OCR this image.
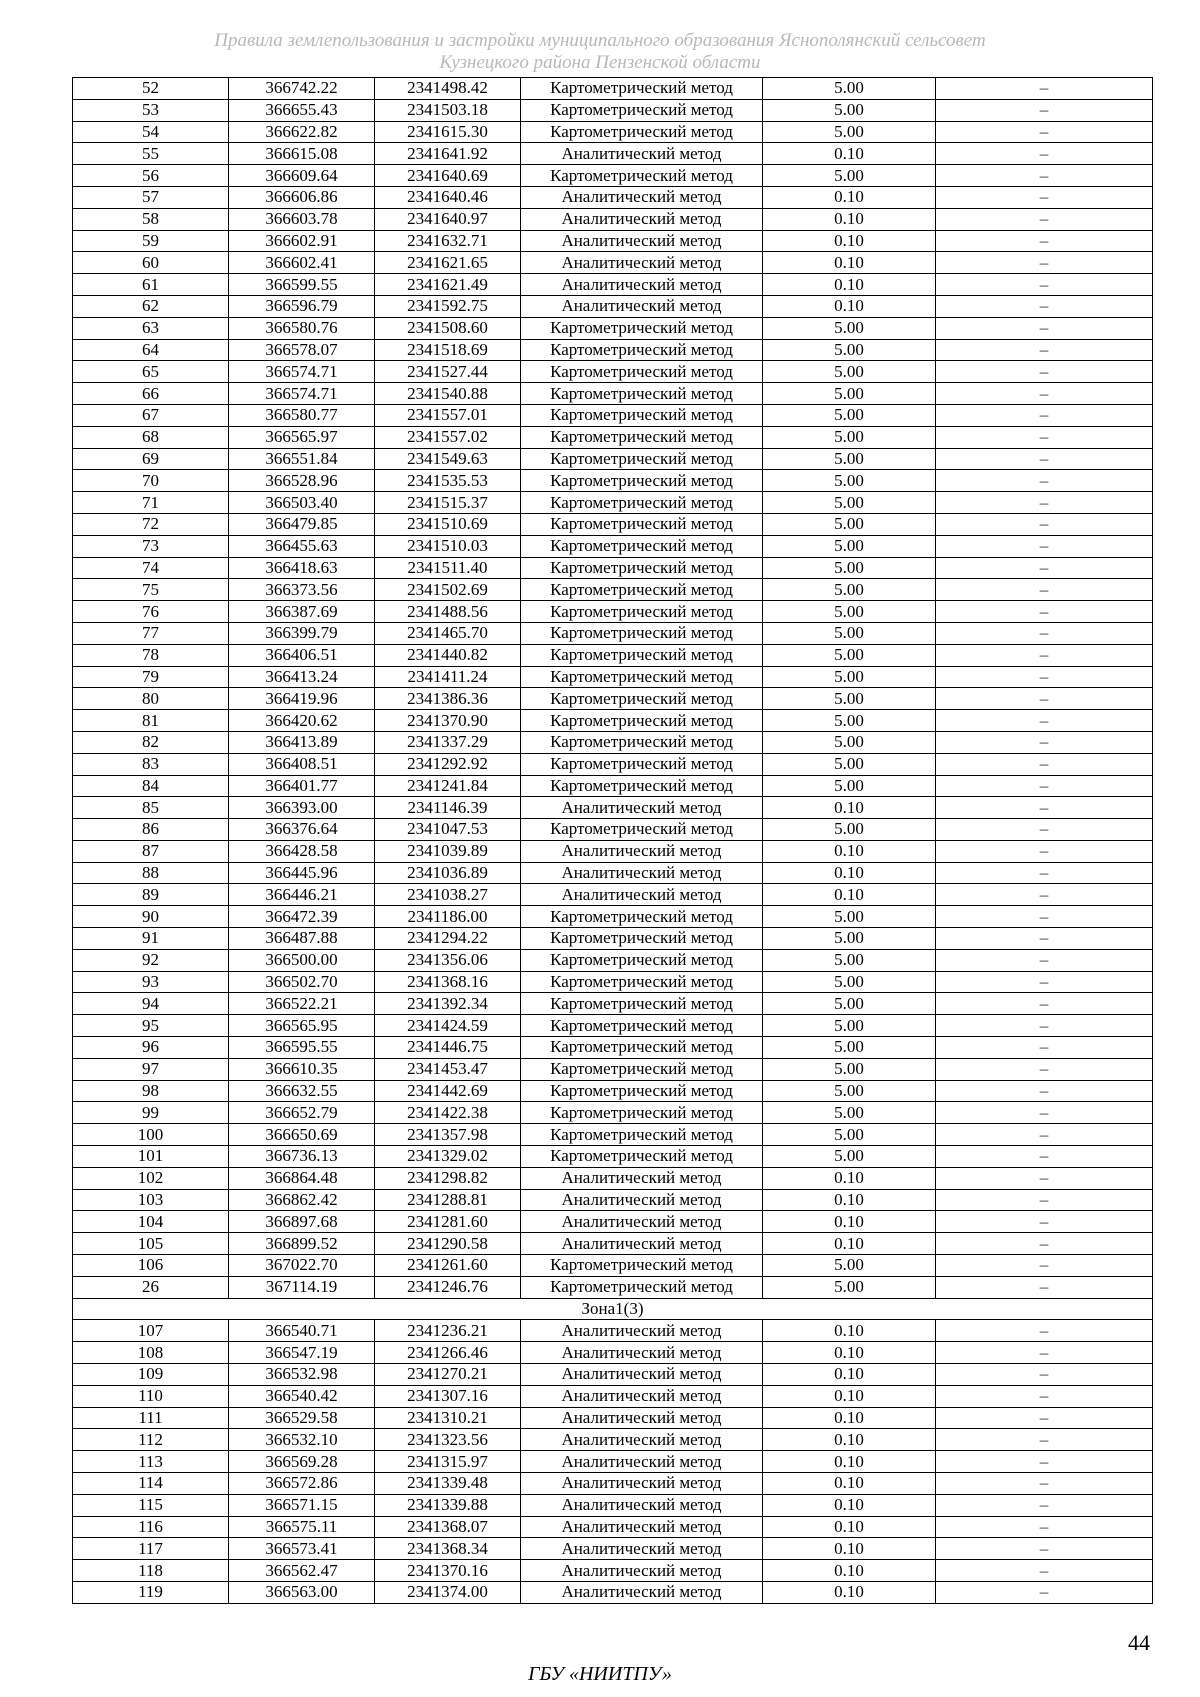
Правила землепользования и застройки муниципального образования Яснополянский сельсовет
Кузнецкого района Пензенской области
52	366742.22	2341498.42	Картометрический метод	5.00	–
53	366655.43	2341503.18	Картометрический метод	5.00	–
54	366622.82	2341615.30	Картометрический метод	5.00	–
55	366615.08	2341641.92	Аналитический метод	0.10	–
56	366609.64	2341640.69	Картометрический метод	5.00	–
57	366606.86	2341640.46	Аналитический метод	0.10	–
58	366603.78	2341640.97	Аналитический метод	0.10	–
59	366602.91	2341632.71	Аналитический метод	0.10	–
60	366602.41	2341621.65	Аналитический метод	0.10	–
61	366599.55	2341621.49	Аналитический метод	0.10	–
62	366596.79	2341592.75	Аналитический метод	0.10	–
63	366580.76	2341508.60	Картометрический метод	5.00	–
64	366578.07	2341518.69	Картометрический метод	5.00	–
65	366574.71	2341527.44	Картометрический метод	5.00	–
66	366574.71	2341540.88	Картометрический метод	5.00	–
67	366580.77	2341557.01	Картометрический метод	5.00	–
68	366565.97	2341557.02	Картометрический метод	5.00	–
69	366551.84	2341549.63	Картометрический метод	5.00	–
70	366528.96	2341535.53	Картометрический метод	5.00	–
71	366503.40	2341515.37	Картометрический метод	5.00	–
72	366479.85	2341510.69	Картометрический метод	5.00	–
73	366455.63	2341510.03	Картометрический метод	5.00	–
74	366418.63	2341511.40	Картометрический метод	5.00	–
75	366373.56	2341502.69	Картометрический метод	5.00	–
76	366387.69	2341488.56	Картометрический метод	5.00	–
77	366399.79	2341465.70	Картометрический метод	5.00	–
78	366406.51	2341440.82	Картометрический метод	5.00	–
79	366413.24	2341411.24	Картометрический метод	5.00	–
80	366419.96	2341386.36	Картометрический метод	5.00	–
81	366420.62	2341370.90	Картометрический метод	5.00	–
82	366413.89	2341337.29	Картометрический метод	5.00	–
83	366408.51	2341292.92	Картометрический метод	5.00	–
84	366401.77	2341241.84	Картометрический метод	5.00	–
85	366393.00	2341146.39	Аналитический метод	0.10	–
86	366376.64	2341047.53	Картометрический метод	5.00	–
87	366428.58	2341039.89	Аналитический метод	0.10	–
88	366445.96	2341036.89	Аналитический метод	0.10	–
89	366446.21	2341038.27	Аналитический метод	0.10	–
90	366472.39	2341186.00	Картометрический метод	5.00	–
91	366487.88	2341294.22	Картометрический метод	5.00	–
92	366500.00	2341356.06	Картометрический метод	5.00	–
93	366502.70	2341368.16	Картометрический метод	5.00	–
94	366522.21	2341392.34	Картометрический метод	5.00	–
95	366565.95	2341424.59	Картометрический метод	5.00	–
96	366595.55	2341446.75	Картометрический метод	5.00	–
97	366610.35	2341453.47	Картометрический метод	5.00	–
98	366632.55	2341442.69	Картометрический метод	5.00	–
99	366652.79	2341422.38	Картометрический метод	5.00	–
100	366650.69	2341357.98	Картометрический метод	5.00	–
101	366736.13	2341329.02	Картометрический метод	5.00	–
102	366864.48	2341298.82	Аналитический метод	0.10	–
103	366862.42	2341288.81	Аналитический метод	0.10	–
104	366897.68	2341281.60	Аналитический метод	0.10	–
105	366899.52	2341290.58	Аналитический метод	0.10	–
106	367022.70	2341261.60	Картометрический метод	5.00	–
26	367114.19	2341246.76	Картометрический метод	5.00	–
Зона1(3)					
107	366540.71	2341236.21	Аналитический метод	0.10	–
108	366547.19	2341266.46	Аналитический метод	0.10	–
109	366532.98	2341270.21	Аналитический метод	0.10	–
110	366540.42	2341307.16	Аналитический метод	0.10	–
111	366529.58	2341310.21	Аналитический метод	0.10	–
112	366532.10	2341323.56	Аналитический метод	0.10	–
113	366569.28	2341315.97	Аналитический метод	0.10	–
114	366572.86	2341339.48	Аналитический метод	0.10	–
115	366571.15	2341339.88	Аналитический метод	0.10	–
116	366575.11	2341368.07	Аналитический метод	0.10	–
117	366573.41	2341368.34	Аналитический метод	0.10	–
118	366562.47	2341370.16	Аналитический метод	0.10	–
119	366563.00	2341374.00	Аналитический метод	0.10	–
44
ГБУ «НИИТПУ»
